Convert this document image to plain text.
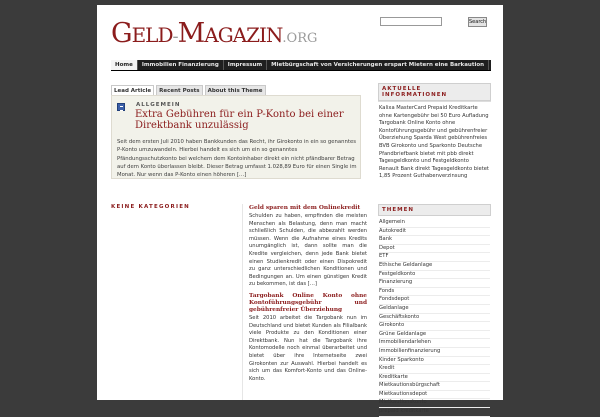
GELD-MAGAZIN.ORG
Search
Home	Immobilien Finanzierung	Impressum	Mietbürgschaft von Versicherungen erspart Mietern eine Barkaution
Lead Article	Recent Posts	About this Theme
ALLGEMEIN
Extra Gebühren für ein P-Konto bei einer Direktbank unzulässig
Seit dem ersten Juli 2010 haben Bankkunden das Recht, ihr Girokonto in ein so genanntes P-Konto umzuwandeln. Hierbei handelt es sich um ein so genanntes Pfändungsschutzkonto bei welchem dem Kontoinhaber direkt ein nicht pfändbarer Betrag auf dem Konto überlassen bleibt. Dieser Betrag umfasst 1.028,89 Euro für einen Single im Monat. Nur wenn das P-Konto einen höheren […]
KEINE KATEGORIEN	Geld sparen mit dem Onlinekredit
Schulden zu haben, empfinden die meisten Menschen als Belastung, denn man macht schließlich Schulden, die abbezahlt werden müssen. Wenn die Aufnahme eines Kredits unumgänglich ist, dann sollte man die Kredite vergleichen, denn jede Bank bietet einen Studienkredit oder einen Dispokredit zu ganz unterschiedlichen Konditionen und Bedingungen an. Um einen günstigen Kredit zu bekommen, ist das […]
Targobank Online Konto ohne Kontoführungsgebühr und gebührenfreier Überziehung
Seit 2010 arbeitet die Targobank nun im Deutschland und bietet Kunden als Filialbank viele Produkte zu den Konditionen einer Direktbank. Nun hat die Targobank ihre Kontomodelle noch einmal überarbeitet und bietet über ihre Internetseite zwei Girokonten zur Auswahl. Hierbei handelt es sich um das Komfort-Konto und das Online-Konto.
AKTUELLE INFORMATIONEN
Kalixa MasterCard Prepaid Kreditkarte ohne Kartengebühr bei 50 Euro Aufladung Targobank Online Konto ohne Kontoführungsgebühr und gebührenfreier Überziehung Sparda West gebührenfreies BVB Girokonto und Sparkonto Deutsche Pfandbriefbank bietet mit pbb direkt Tagesgeldkonto und Festgeldkonto Renault Bank direkt Tagesgeldkonto bietet 1,85 Prozent Guthabenverzinsung
THEMEN
Allgemein
Autokredit
Bank
Depot
ETF
Ethische Geldanlage
Festgeldkonto
Finanzierung
Fonds
Fondsdepot
Geldanlage
Geschäftskonto
Girokonto
Grüne Geldanlage
Immobiliendarlehen
Immobilienfinanzierung
Kinder Sparkonto
Kredit
Kreditkarte
Mietkautionsbürgschaft
Mietkautionsdepot
Mietkautionskonto
prepaid kreditkarte
